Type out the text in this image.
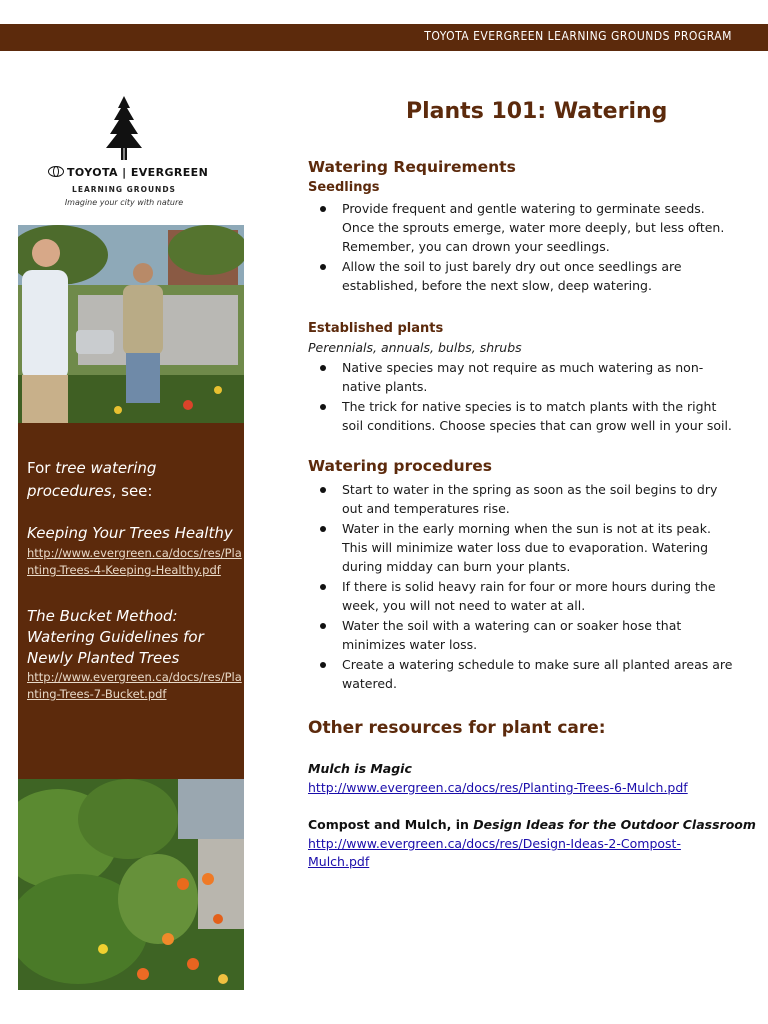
TOYOTA EVERGREEN LEARNING GROUNDS PROGRAM
TOYOTA | EVERGREEN
LEARNING GROUNDS
Imagine your city with nature
For tree watering procedures, see:
Keeping Your Trees Healthy
http://www.evergreen.ca/docs/res/Planting-Trees-4-Keeping-Healthy.pdf
The Bucket Method: Watering Guidelines for Newly Planted Trees
http://www.evergreen.ca/docs/res/Planting-Trees-7-Bucket.pdf
Plants 101: Watering
Watering Requirements
Seedlings
Provide frequent and gentle watering to germinate seeds. Once the sprouts emerge, water more deeply, but less often. Remember, you can drown your seedlings.
Allow the soil to just barely dry out once seedlings are established, before the next slow, deep watering.
Established plants
Perennials, annuals, bulbs, shrubs
Native species may not require as much watering as non-native plants.
The trick for native species is to match plants with the right soil conditions. Choose species that can grow well in your soil.
Watering procedures
Start to water in the spring as soon as the soil begins to dry out and temperatures rise.
Water in the early morning when the sun is not at its peak. This will minimize water loss due to evaporation. Watering during midday can burn your plants.
If there is solid heavy rain for four or more hours during the week, you will not need to water at all.
Water the soil with a watering can or soaker hose that minimizes water loss.
Create a watering schedule to make sure all planted areas are watered.
Other resources for plant care:
Mulch is Magic
http://www.evergreen.ca/docs/res/Planting-Trees-6-Mulch.pdf
Compost and Mulch, in Design Ideas for the Outdoor Classroom
http://www.evergreen.ca/docs/res/Design-Ideas-2-Compost-Mulch.pdf
